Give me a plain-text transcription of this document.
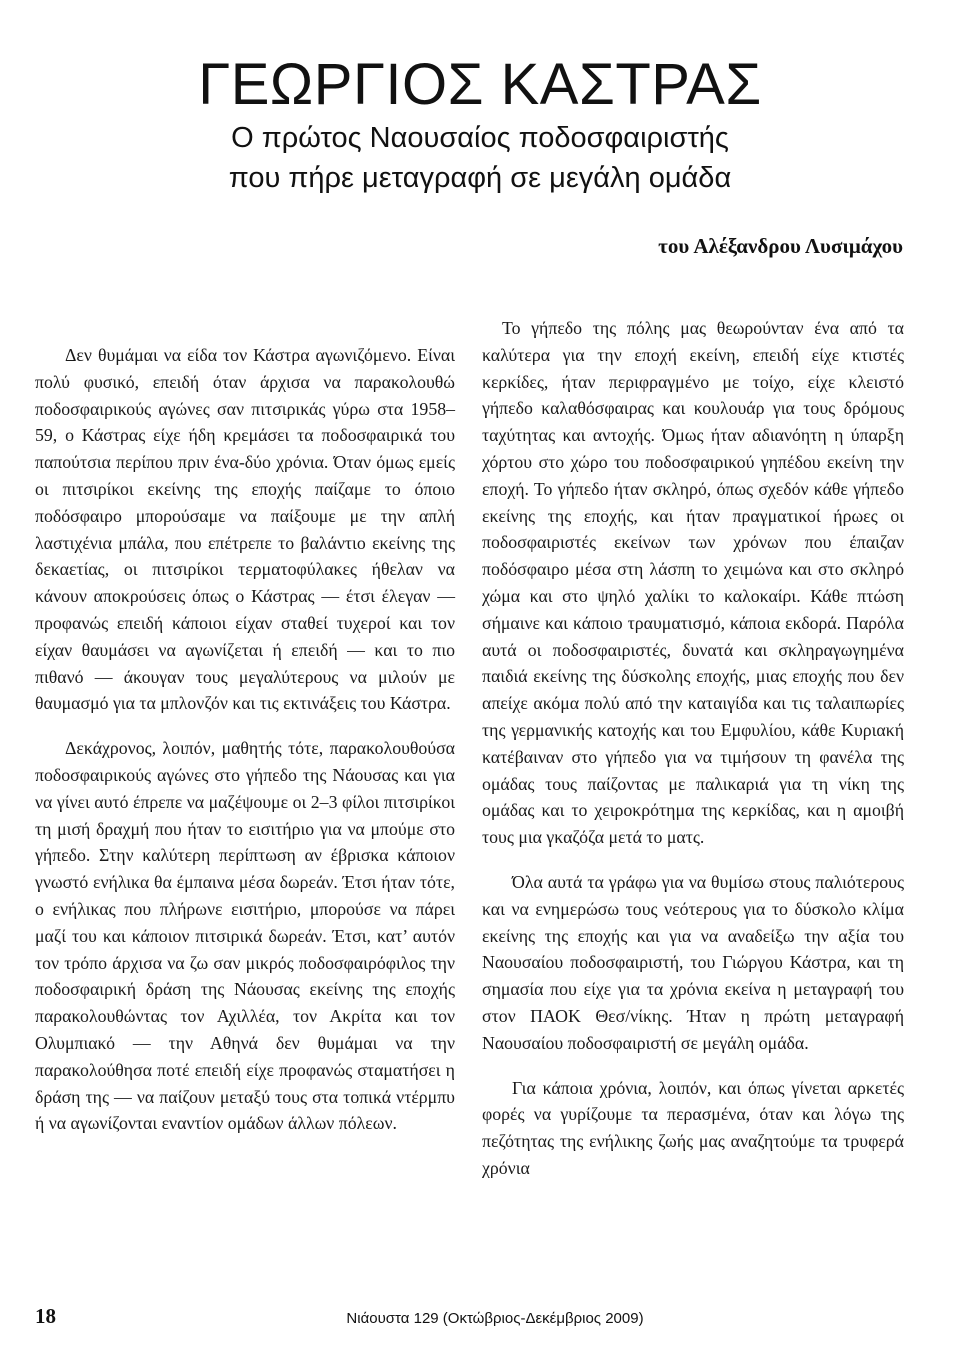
ΓΕΩΡΓΙΟΣ ΚΑΣΤΡΑΣ
Ο πρώτος Ναουσαίος ποδοσφαιριστής
που πήρε μεταγραφή σε μεγάλη ομάδα
του Αλέξανδρου Λυσιμάχου

Δεν θυμάμαι να είδα τον Κάστρα αγωνιζόμενο. Είναι πολύ φυσικό, επειδή όταν άρχισα να παρακολουθώ ποδοσφαιρικούς αγώνες σαν πιτσιρικάς γύρω στα 1958–59, ο Κάστρας είχε ήδη κρεμάσει τα ποδοσφαιρικά του παπούτσια περίπου πριν ένα-δύο χρόνια. Όταν όμως εμείς οι πιτσιρίκοι εκείνης της εποχής παίζαμε το όποιο ποδόσφαιρο μπορούσαμε να παίξουμε με την απλή λαστιχένια μπάλα, που επέτρεπε το βαλάντιο εκείνης της δεκαετίας, οι πιτσιρίκοι τερματοφύλακες ήθελαν να κάνουν αποκρούσεις όπως ο Κάστρας — έτσι έλεγαν — προφανώς επειδή κάποιοι είχαν σταθεί τυχεροί και τον είχαν θαυμάσει να αγωνίζεται ή επειδή — και το πιο πιθανό — άκουγαν τους μεγαλύτερους να μιλούν με θαυμασμό για τα μπλονζόν και τις εκτινάξεις του Κάστρα.

Δεκάχρονος, λοιπόν, μαθητής τότε, παρακολουθούσα ποδοσφαιρικούς αγώνες στο γήπεδο της Νάουσας και για να γίνει αυτό έπρεπε να μαζέψουμε οι 2–3 φίλοι πιτσιρίκοι τη μισή δραχμή που ήταν το εισιτήριο για να μπούμε στο γήπεδο. Στην καλύτερη περίπτωση αν έβρισκα κάποιον γνωστό ενήλικα θα έμπαινα μέσα δωρεάν. Έτσι ήταν τότε, ο ενήλικας που πλήρωνε εισιτήριο, μπορούσε να πάρει μαζί του και κάποιον πιτσιρικά δωρεάν. Έτσι, κατ’ αυτόν τον τρόπο άρχισα να ζω σαν μικρός ποδοσφαιρόφιλος την ποδοσφαιρική δράση της Νάουσας εκείνης της εποχής παρακολουθώντας τον Αχιλλέα, τον Ακρίτα και τον Ολυμπιακό — την Αθηνά δεν θυμάμαι να την παρακολούθησα ποτέ επειδή είχε προφανώς σταματήσει η δράση της — να παίζουν μεταξύ τους στα τοπικά ντέρμπυ ή να αγωνίζονται εναντίον ομάδων άλλων πόλεων.

Το γήπεδο της πόλης μας θεωρούνταν ένα από τα καλύτερα για την εποχή εκείνη, επειδή είχε κτιστές κερκίδες, ήταν περιφραγμένο με τοίχο, είχε κλειστό γήπεδο καλαθόσφαιρας και κουλουάρ για τους δρόμους ταχύτητας και αντοχής. Όμως ήταν αδιανόητη η ύπαρξη χόρτου στο χώρο του ποδοσφαιρικού γηπέδου εκείνη την εποχή. Το γήπεδο ήταν σκληρό, όπως σχεδόν κάθε γήπεδο εκείνης της εποχής, και ήταν πραγματικοί ήρωες οι ποδοσφαιριστές εκείνων των χρόνων που έπαιζαν ποδόσφαιρο μέσα στη λάσπη το χειμώνα και στο σκληρό χώμα και στο ψηλό χαλίκι το καλοκαίρι. Κάθε πτώση σήμαινε και κάποιο τραυματισμό, κάποια εκδορά. Παρόλα αυτά οι ποδοσφαιριστές, δυνατά και σκληραγωγημένα παιδιά εκείνης της δύσκολης εποχής, μιας εποχής που δεν απείχε ακόμα πολύ από την καταιγίδα και τις ταλαιπωρίες της γερμανικής κατοχής και του Εμφυλίου, κάθε Κυριακή κατέβαιναν στο γήπεδο για να τιμήσουν τη φανέλα της ομάδας τους παίζοντας με παλικαριά για τη νίκη της ομάδας και το χειροκρότημα της κερκίδας, και η αμοιβή τους μια γκαζόζα μετά το ματς.

Όλα αυτά τα γράφω για να θυμίσω στους παλιότερους και να ενημερώσω τους νεότερους για το δύσκολο κλίμα εκείνης της εποχής και για να αναδείξω την αξία του Ναουσαίου ποδοσφαιριστή, του Γιώργου Κάστρα, και τη σημασία που είχε για τα χρόνια εκείνα η μεταγραφή του στον ΠΑΟΚ Θεσ/νίκης. Ήταν η πρώτη μεταγραφή Ναουσαίου ποδοσφαιριστή σε μεγάλη ομάδα.

Για κάποια χρόνια, λοιπόν, και όπως γίνεται αρκετές φορές να γυρίζουμε τα περασμένα, όταν και λόγω της πεζότητας της ενήλικης ζωής μας αναζητούμε τα τρυφερά χρόνια

18	Νιάουστα 129 (Οκτώβριος-Δεκέμβριος 2009)
